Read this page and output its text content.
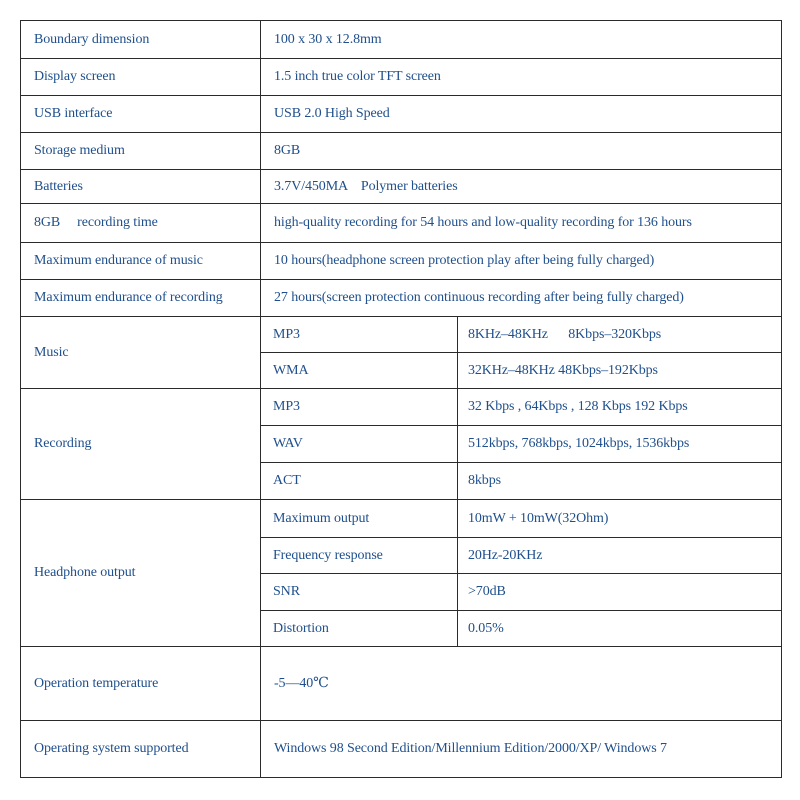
Boundary dimension	100 x 30 x 12.8mm	
Display screen	1.5 inch true color TFT screen	
USB interface	USB 2.0 High Speed	
Storage medium	8GB	
Batteries	3.7V/450MA    Polymer batteries	
8GB     recording time	high-quality recording for 54 hours and low-quality recording for 136 hours	
Maximum endurance of music	10 hours(headphone screen protection play after being fully charged)	
Maximum endurance of recording	27 hours(screen protection continuous recording after being fully charged)	
Music	MP3	8KHz–48KHz      8Kbps–320Kbps
	WMA	32KHz–48KHz 48Kbps–192Kbps
Recording	MP3	32 Kbps , 64Kbps , 128 Kbps 192 Kbps
	WAV	512kbps, 768kbps, 1024kbps, 1536kbps
	ACT	8kbps
Headphone output	Maximum output	10mW + 10mW(32Ohm)
	Frequency response	20Hz-20KHz
	SNR	>70dB
	Distortion	0.05%
Operation temperature	-5—40℃	
Operating system supported	Windows 98 Second Edition/Millennium Edition/2000/XP/ Windows 7	
